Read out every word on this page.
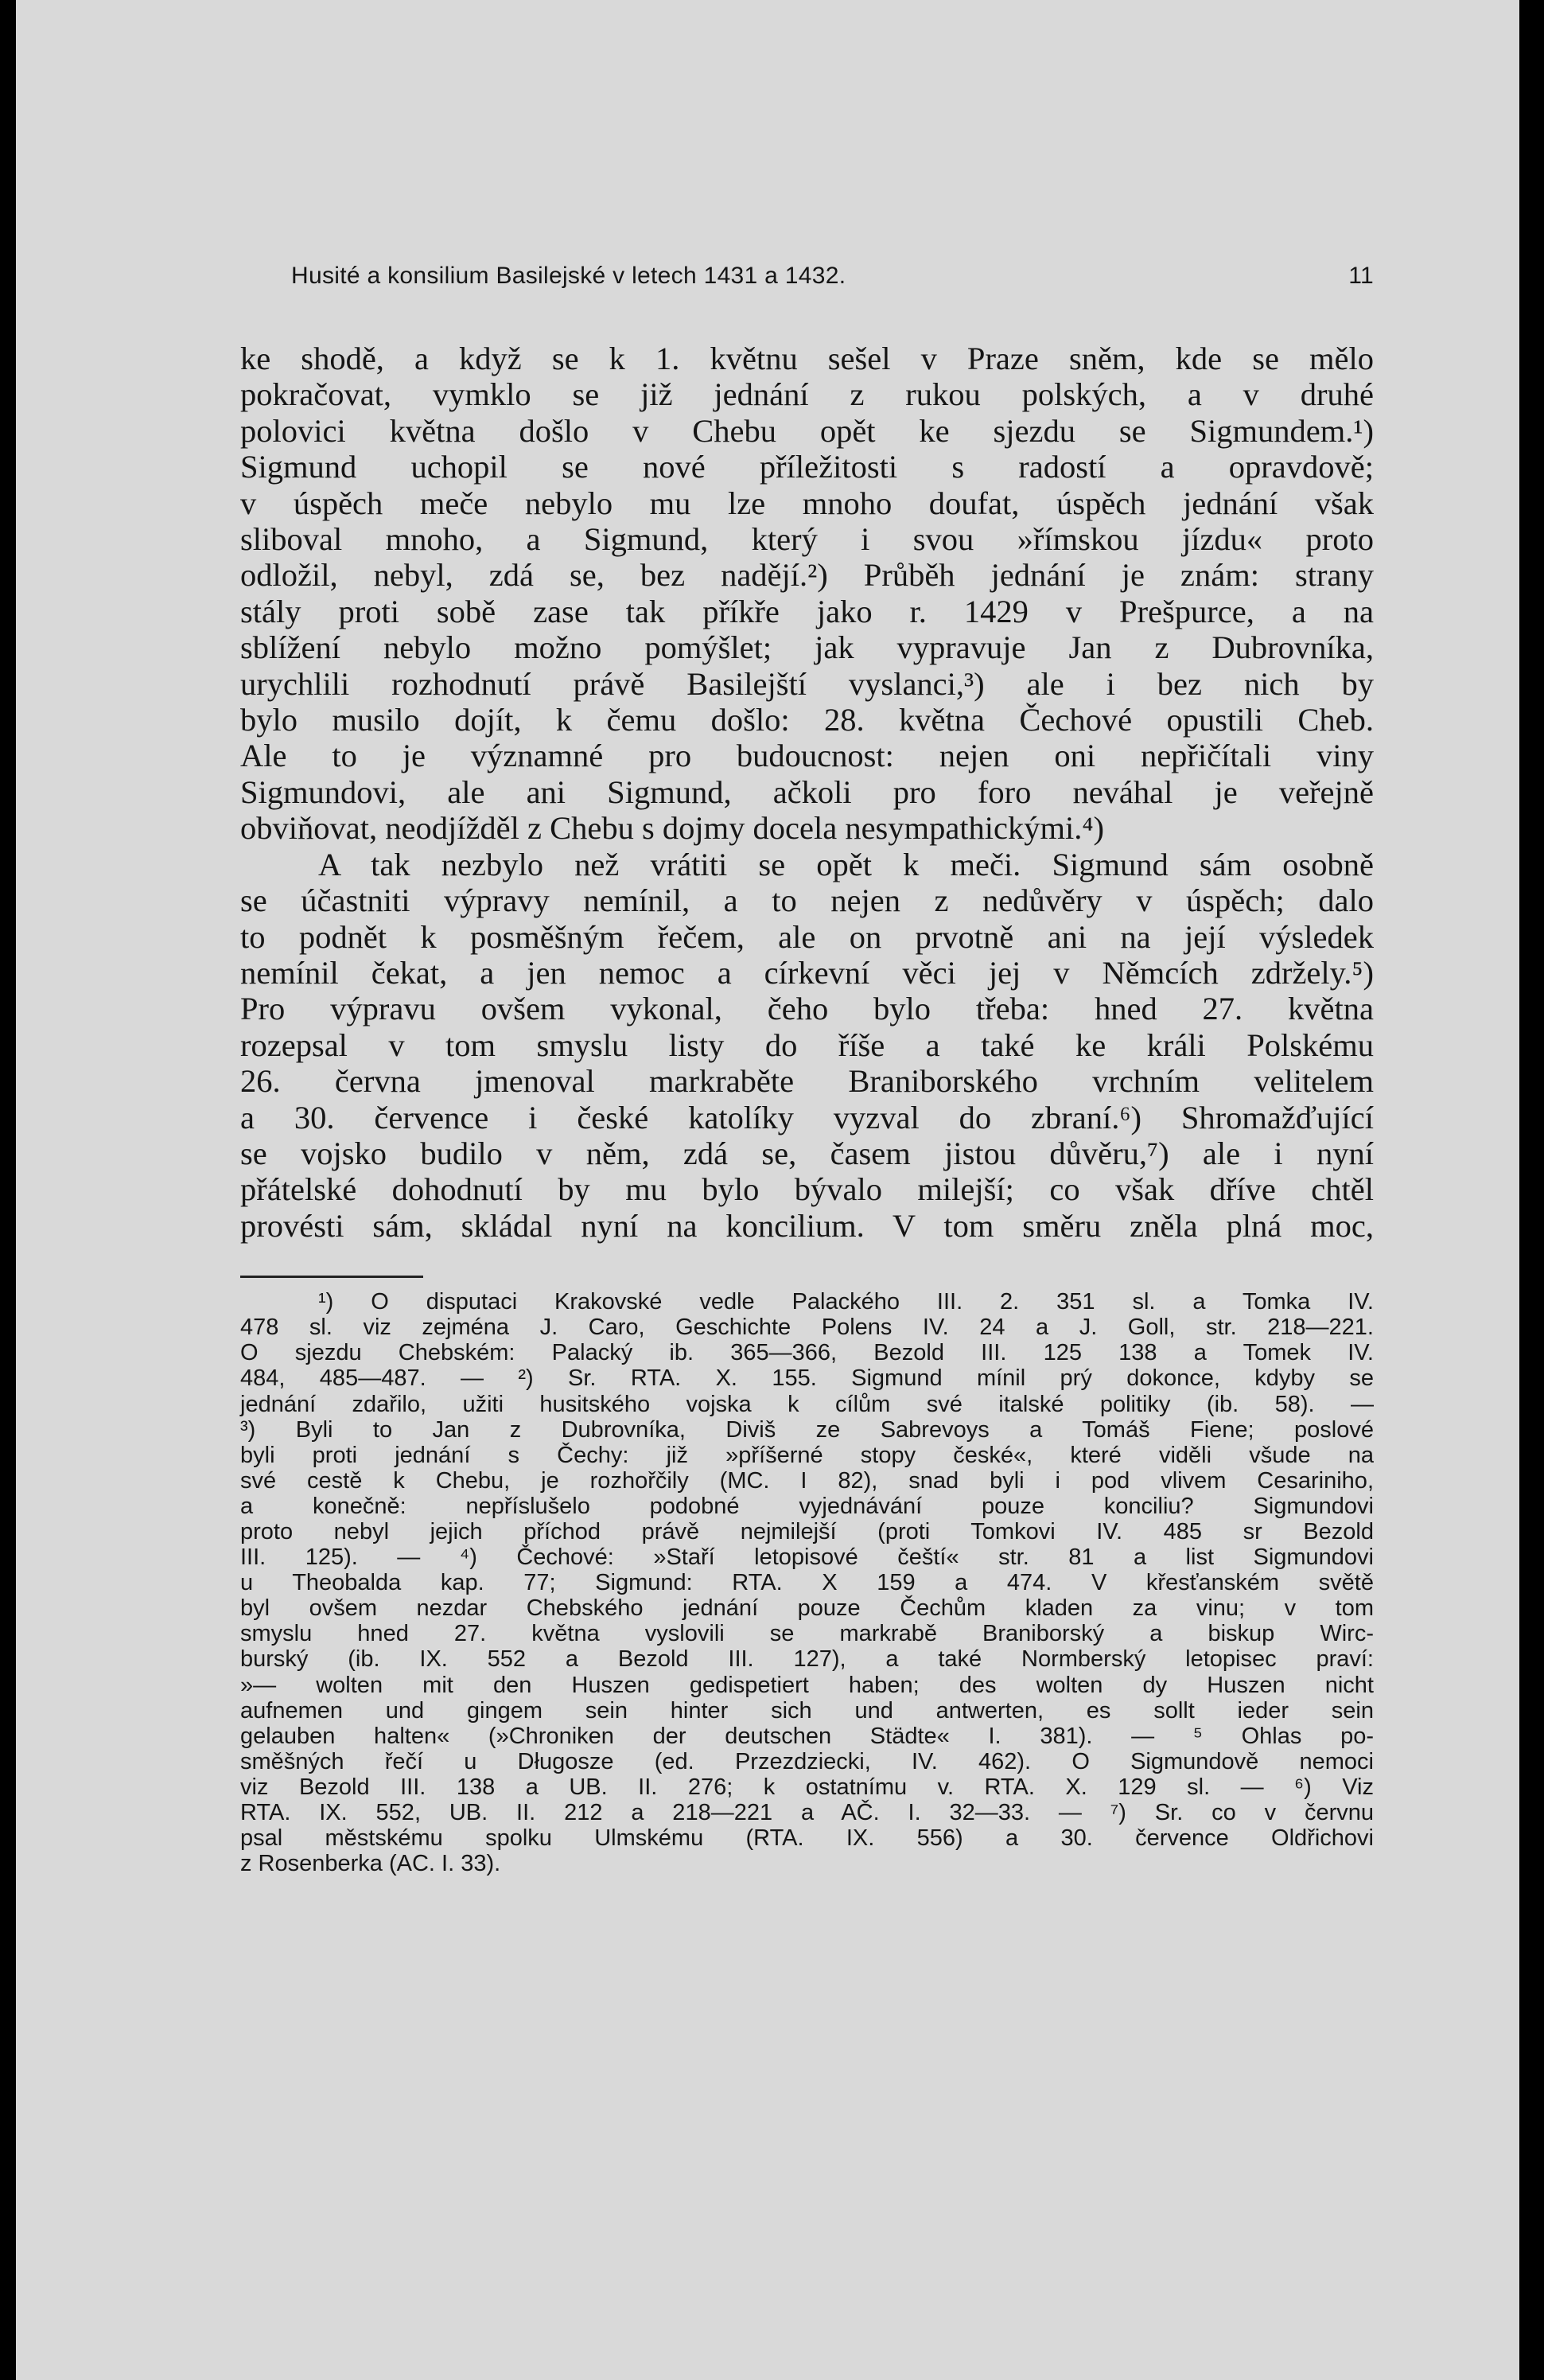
Husité a konsilium Basilejské v letech 1431 a 1432.	11
ke shodě, a když se k 1. květnu sešel v Praze sněm, kde se mělo
pokračovat, vymklo se již jednání z rukou polských, a v druhé
polovici května došlo v Chebu opět ke sjezdu se Sigmundem.¹)
Sigmund uchopil se nové příležitosti s radostí a opravdově;
v úspěch meče nebylo mu lze mnoho doufat, úspěch jednání však
sliboval mnoho, a Sigmund, který i svou »římskou jízdu« proto
odložil, nebyl, zdá se, bez nadějí.²) Průběh jednání je znám: strany
stály proti sobě zase tak příkře jako r. 1429 v Prešpurce, a na
sblížení nebylo možno pomýšlet; jak vypravuje Jan z Dubrovníka,
urychlili rozhodnutí právě Basilejští vyslanci,³) ale i bez nich by
bylo musilo dojít, k čemu došlo: 28. května Čechové opustili Cheb.
Ale to je významné pro budoucnost: nejen oni nepřičítali viny
Sigmundovi, ale ani Sigmund, ačkoli pro foro neváhal je veřejně
obviňovat, neodjížděl z Chebu s dojmy docela nesympathickými.⁴)
A tak nezbylo než vrátiti se opět k meči. Sigmund sám osobně
se účastniti výpravy nemínil, a to nejen z nedůvěry v úspěch; dalo
to podnět k posměšným řečem, ale on prvotně ani na její výsledek
nemínil čekat, a jen nemoc a církevní věci jej v Němcích zdržely.⁵)
Pro výpravu ovšem vykonal, čeho bylo třeba: hned 27. května
rozepsal v tom smyslu listy do říše a také ke králi Polskému
26. června jmenoval markraběte Braniborského vrchním velitelem
a 30. července i české katolíky vyzval do zbraní.⁶) Shromažďující
se vojsko budilo v něm, zdá se, časem jistou důvěru,⁷) ale i nyní
přátelské dohodnutí by mu bylo bývalo milejší; co však dříve chtěl
provésti sám, skládal nyní na koncilium. V tom směru zněla plná moc,
¹) O disputaci Krakovské vedle Palackého III. 2. 351 sl. a Tomka IV.
478 sl. viz zejména J. Caro, Geschichte Polens IV. 24 a J. Goll, str. 218—221.
O sjezdu Chebském: Palacký ib. 365—366, Bezold III. 125 138 a Tomek IV.
484, 485—487. — ²) Sr. RTA. X. 155. Sigmund mínil prý dokonce, kdyby se
jednání zdařilo, užiti husitského vojska k cílům své italské politiky (ib. 58). —
³) Byli to Jan z Dubrovníka, Diviš ze Sabrevoys a Tomáš Fiene; poslové
byli proti jednání s Čechy: již »příšerné stopy české«, které viděli všude na
své cestě k Chebu, je rozhořčily (MC. I 82), snad byli i pod vlivem Cesariniho,
a konečně: nepříslušelo podobné vyjednávání pouze konciliu? Sigmundovi
proto nebyl jejich příchod právě nejmilejší (proti Tomkovi IV. 485 sr Bezold
III. 125). — ⁴) Čechové: »Staří letopisové čeští« str. 81 a list Sigmundovi
u Theobalda kap. 77; Sigmund: RTA. X 159 a 474. V křesťanském světě
byl ovšem nezdar Chebského jednání pouze Čechům kladen za vinu; v tom
smyslu hned 27. května vyslovili se markrabě Braniborský a biskup Wirc-
burský (ib. IX. 552 a Bezold III. 127), a také Normberský letopisec praví:
»— wolten mit den Huszen gedispetiert haben; des wolten dy Huszen nicht
aufnemen und gingem sein hinter sich und antwerten, es sollt ieder sein
gelauben halten« (»Chroniken der deutschen Städte« I. 381). — ⁵ Ohlas po-
směšných řečí u Długosze (ed. Przezdziecki, IV. 462). O Sigmundově nemoci
viz Bezold III. 138 a UB. II. 276; k ostatnímu v. RTA. X. 129 sl. — ⁶) Viz
RTA. IX. 552, UB. II. 212 a 218—221 a AČ. I. 32—33. — ⁷) Sr. co v červnu
psal městskému spolku Ulmskému (RTA. IX. 556) a 30. července Oldřichovi
z Rosenberka (AC. I. 33).
